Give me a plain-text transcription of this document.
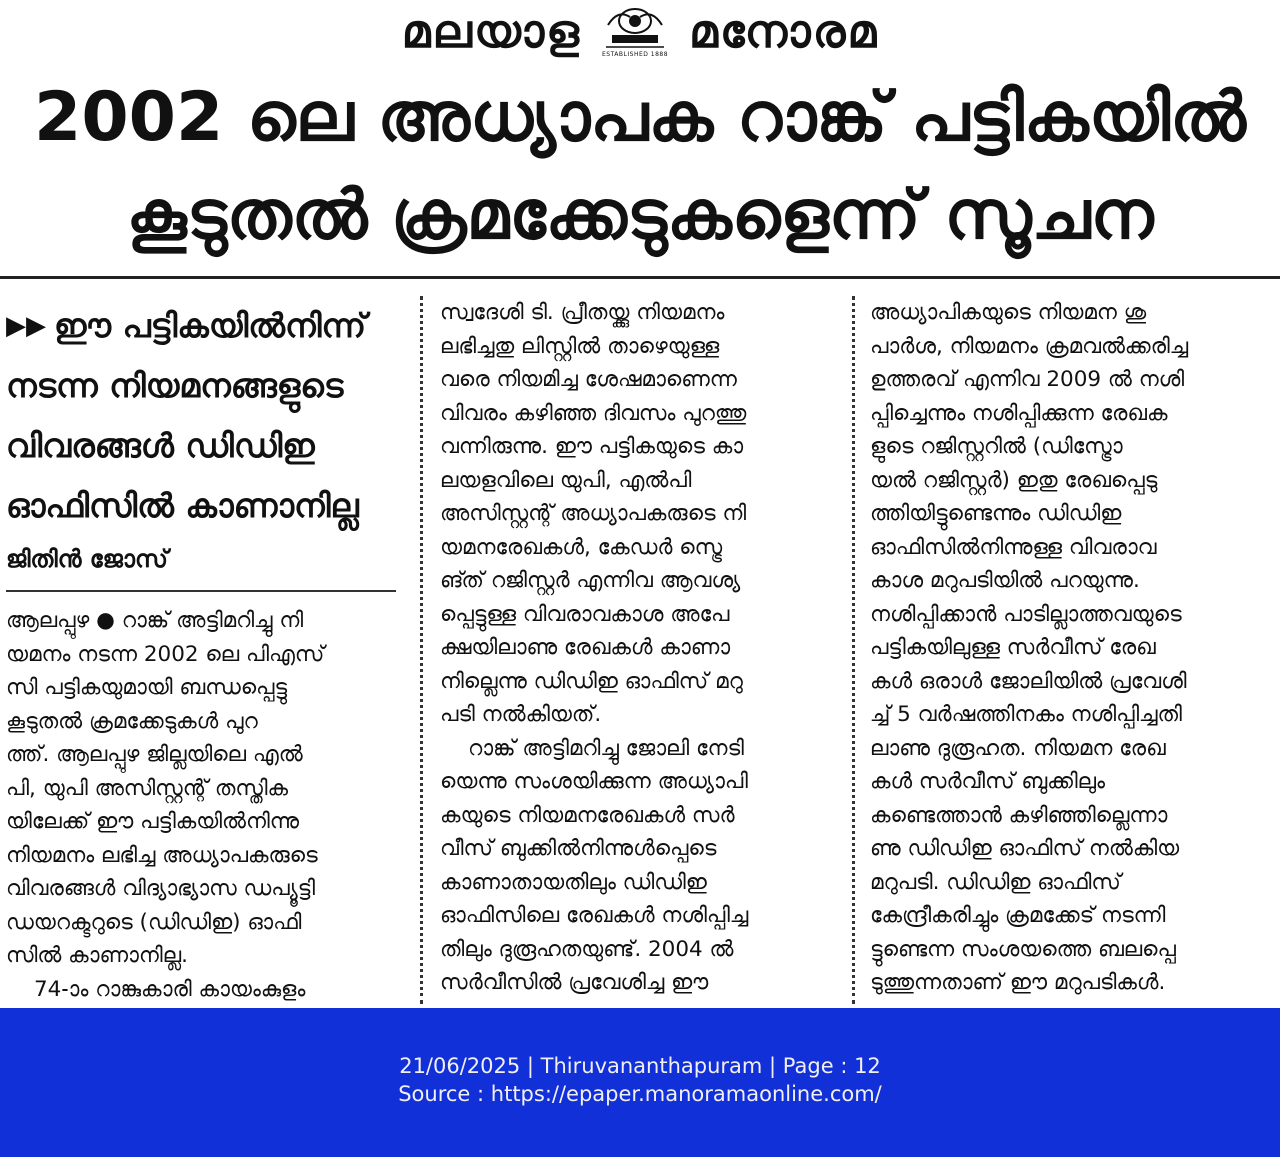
മലയാള	ESTABLISHED 1888 മനോരമ
2002 ലെ അധ്യാപക റാങ്ക് പട്ടികയിൽ
കൂടുതൽ ക്രമക്കേടുകളെന്ന് സൂചന
▶▶ ഈ പട്ടികയിൽനിന്ന്
നടന്ന നിയമനങ്ങളുടെ
വിവരങ്ങൾ ഡിഡിഇ
ഓഫിസിൽ കാണാനില്ല
ജിതിൻ ജോസ്

ആലപ്പുഴ ● റാങ്ക് അട്ടിമറിച്ചു നി

യമനം നടന്ന 2002 ലെ പിഎസ്

സി പട്ടികയുമായി ബന്ധപ്പെട്ടു

കൂടുതൽ ക്രമക്കേടുകൾ പുറ

ത്ത്. ആലപ്പുഴ ജില്ലയിലെ എൽ

പി, യുപി അസിസ്റ്റന്റ് തസ്തിക

യിലേക്ക് ഈ പട്ടികയിൽനിന്നു

നിയമനം ലഭിച്ച അധ്യാപകരുടെ

വിവരങ്ങൾ വിദ്യാഭ്യാസ ഡപ്യൂട്ടി

ഡയറക്ടറുടെ (ഡിഡിഇ) ഓഫി

സിൽ കാണാനില്ല.

74-ാം റാങ്കുകാരി കായംകുളം

സ്വദേശി ടി. പ്രീതയ്ക്കു നിയമനം

ലഭിച്ചതു ലിസ്റ്റിൽ താഴെയുള്ള

വരെ നിയമിച്ച ശേഷമാണെന്ന

വിവരം കഴിഞ്ഞ ദിവസം പുറത്തു

വന്നിരുന്നു. ഈ പട്ടികയുടെ കാ

ലയളവിലെ യുപി, എൽപി

അസിസ്റ്റന്റ് അധ്യാപകരുടെ നി

യമനരേഖകൾ, കേഡർ സ്ട്രെ

ങ്ത് റജിസ്റ്റർ എന്നിവ ആവശ്യ

പ്പെട്ടുള്ള വിവരാവകാശ അപേ

ക്ഷയിലാണു രേഖകൾ കാണാ

നില്ലെന്നു ഡിഡിഇ ഓഫിസ് മറു

പടി നൽകിയത്.

റാങ്ക് അട്ടിമറിച്ചു ജോലി നേടി

യെന്നു സംശയിക്കുന്ന അധ്യാപി

കയുടെ നിയമനരേഖകൾ സർ

വീസ് ബുക്കിൽനിന്നുൾപ്പെടെ

കാണാതായതിലും ഡിഡിഇ

ഓഫിസിലെ രേഖകൾ നശിപ്പിച്ച

തിലും ദുരൂഹതയുണ്ട്. 2004 ൽ

സർവീസിൽ പ്രവേശിച്ച ഈ

അധ്യാപികയുടെ നിയമന ശു

പാർശ, നിയമനം ക്രമവൽക്കരിച്ച

ഉത്തരവ് എന്നിവ 2009 ൽ നശി

പ്പിച്ചെന്നും നശിപ്പിക്കുന്ന രേഖക

ളുടെ റജിസ്റ്ററിൽ (ഡിസ്ട്രോ

യൽ റജിസ്റ്റർ) ഇതു രേഖപ്പെടു

ത്തിയിട്ടുണ്ടെന്നും ഡിഡിഇ

ഓഫിസിൽനിന്നുള്ള വിവരാവ

കാശ മറുപടിയിൽ പറയുന്നു.

നശിപ്പിക്കാൻ പാടില്ലാത്തവയുടെ

പട്ടികയിലുള്ള സർവീസ് രേഖ

കൾ ഒരാൾ ജോലിയിൽ പ്രവേശി

ച്ച് 5 വർഷത്തിനകം നശിപ്പിച്ചതി

ലാണു ദുരൂഹത. നിയമന രേഖ

കൾ സർവീസ് ബുക്കിലും

കണ്ടെത്താൻ കഴിഞ്ഞില്ലെന്നാ

ണു ഡിഡിഇ ഓഫിസ് നൽകിയ

മറുപടി. ഡിഡിഇ ഓഫിസ്

കേന്ദ്രീകരിച്ചും ക്രമക്കേട് നടന്നി

ട്ടുണ്ടെന്ന സംശയത്തെ ബലപ്പെ

ടുത്തുന്നതാണ് ഈ മറുപടികൾ.

21/06/2025 | Thiruvananthapuram | Page : 12
Source : https://epaper.manoramaonline.com/
